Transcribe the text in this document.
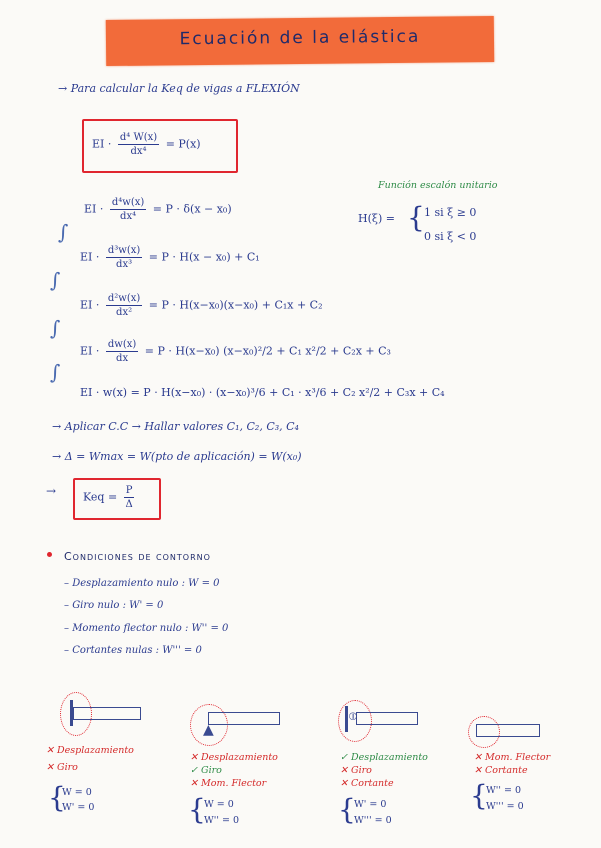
Ecuación de la elástica
→ Para calcular la Keq de vigas a FLEXIÓN
EI · $\frac{\text{d⁴ W(x)}}{\text{dx⁴}} = P(x)$
Función escalón unitario
H(ξ) = { 1 si ξ ≥ 0
0 si ξ < 0
∫
∫
∫
∫
EI · $\frac{\text{d⁴w(x)}}{\text{dx⁴}} = P \cdot \delta(x - x_0)$
EI · $\frac{\text{d³w(x)}}{\text{dx³}} = P \cdot H(x - x_0) + C_1$
EI · $\frac{\text{d²w(x)}}{\text{dx²}} = P \cdot H(x-x_0)(x-x_0) + C_1x + C_2$
EI · $\frac{dw(x)}{dx} = P \cdot H(x-x_0) (x-x_0)^2/2 + C_1$ x²/2 + C₂x + C₃
EI · w(x) = P · H(x−x₀) · (x−x₀)³/6 + C₁ · x³/6 + C₂ x²/2 + C₃x + C₄
→ Aplicar C.C → Hallar valores C₁, C₂, C₃, C₄
→ Δ = Wmax = W(pto de aplicación) = W(x₀)
→ Keq = $\frac{P}{\Delta}$
Condiciones de contorno
– Desplazamiento nulo : W = 0
– Giro nulo : W' = 0
– Momento flector nulo : W'' = 0
– Cortantes nulas : W''' = 0
▲
⦶
✕ Desplazamiento
✕ Giro
{
W = 0
W' = 0
✕ Desplazamiento
✓ Giro
✕ Mom. Flector
{
W = 0
W'' = 0
✓ Desplazamiento
✕ Giro
✕ Cortante
{
W' = 0
W''' = 0
✕ Mom. Flector
✕ Cortante
{
W'' = 0
W''' = 0
